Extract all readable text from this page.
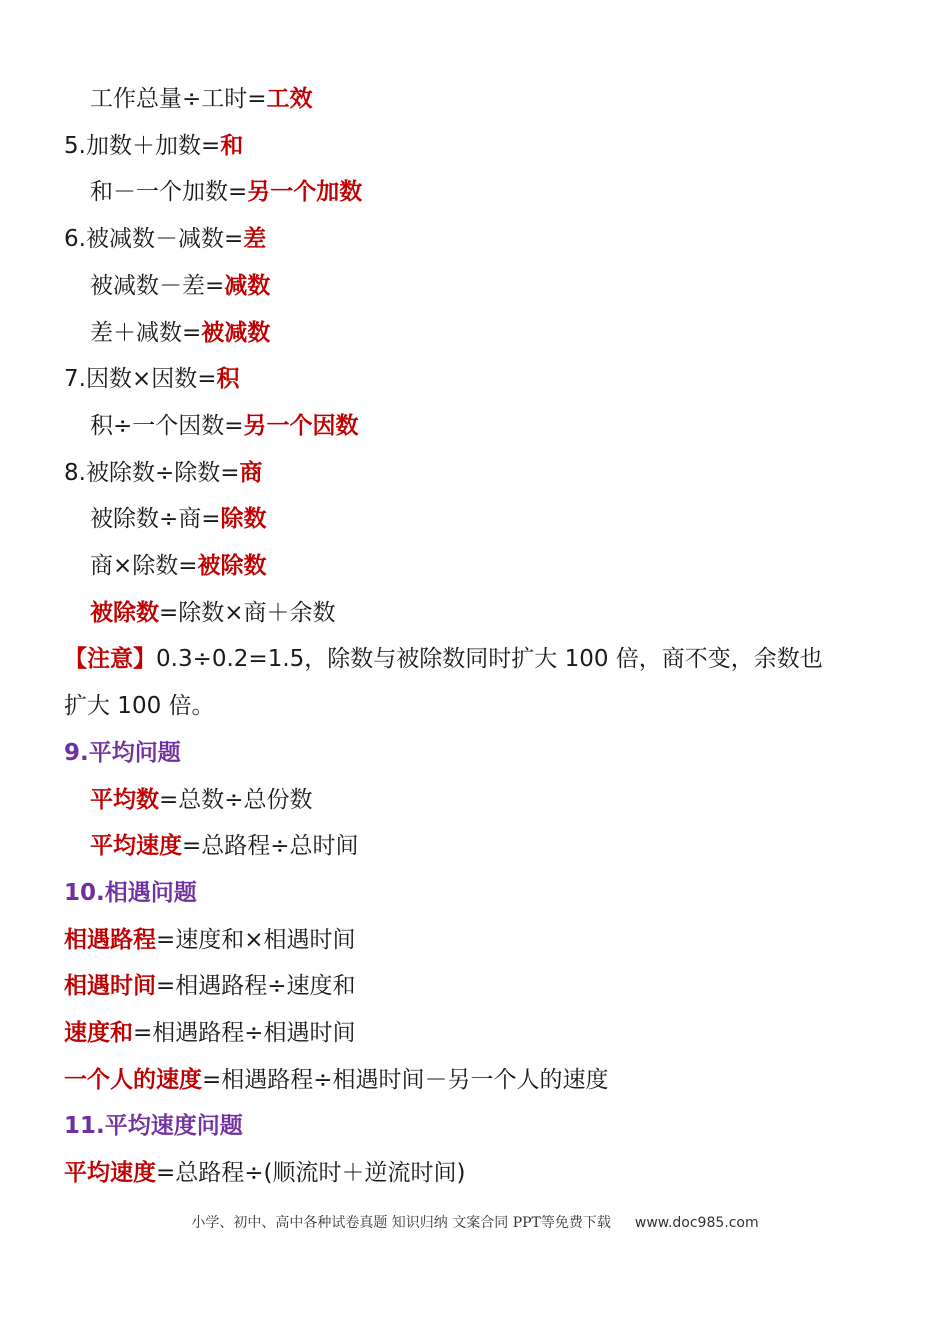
工作总量÷工时=工效
5.加数＋加数=和
和－一个加数=另一个加数
6.被减数－减数=差
被减数－差=减数
差＋减数=被减数
7.因数×因数=积
积÷一个因数=另一个因数
8.被除数÷除数=商
被除数÷商=除数
商×除数=被除数
被除数=除数×商＋余数
【注意】0.3÷0.2=1.5，除数与被除数同时扩大 100 倍，商不变，余数也
扩大 100 倍。
9.平均问题
平均数=总数÷总份数
平均速度=总路程÷总时间
10.相遇问题
相遇路程=速度和×相遇时间
相遇时间=相遇路程÷速度和
速度和=相遇路程÷相遇时间
一个人的速度=相遇路程÷相遇时间－另一个人的速度
11.平均速度问题
平均速度=总路程÷(顺流时＋逆流时间)
小学、初中、高中各种试卷真题 知识归纳 文案合同 PPT等免费下载 www.doc985.com
